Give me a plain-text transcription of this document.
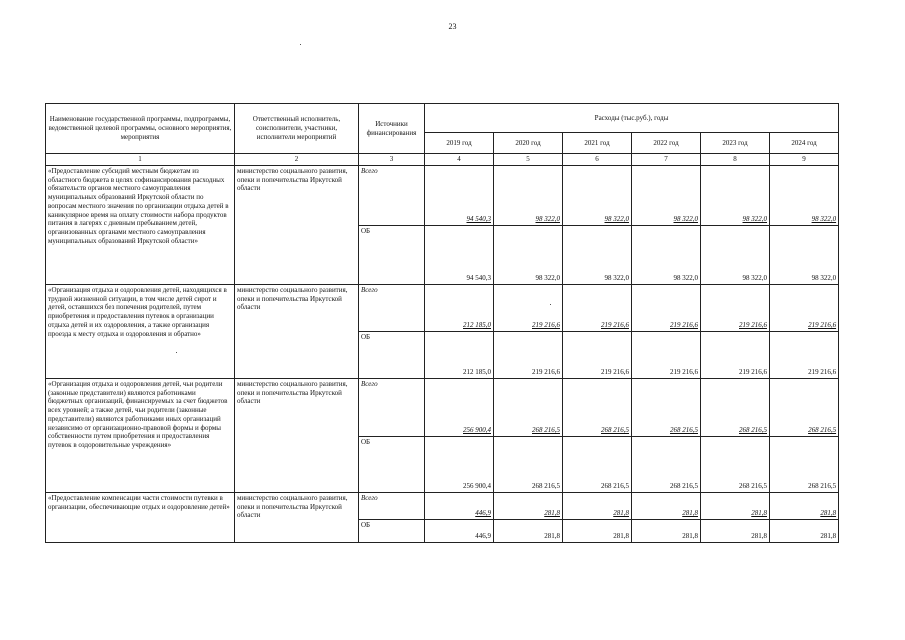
23
Наименование государственной программы, подпрограммы, ведомственной целевой программы, основного мероприятия, мероприятия	Ответственный исполнитель, соисполнители, участники, исполнители мероприятий	Источники финансирования	Расходы (тыс.руб.), годы					
			2019 год	2020 год	2021 год	2022 год	2023 год	2024 год
1	2	3	4	5	6	7	8	9
«Предоставление субсидий местным бюджетам из областного бюджета в целях софинансирования расходных обязательств органов местного самоуправления муниципальных образований Иркутской области по вопросам местного значения по организации отдыха детей в каникулярное время на оплату стоимости набора продуктов питания в лагерях с дневным пребыванием детей, организованных органами местного самоуправления муниципальных образований Иркутской области»	министерство социального развития, опеки и попечительства Иркутской области	Всего	94 540,3	98 322,0	98 322,0	98 322,0	98 322,0	98 322,0
		ОБ	94 540,3	98 322,0	98 322,0	98 322,0	98 322,0	98 322,0
«Организация отдыха и оздоровления детей, находящихся в трудной жизненной ситуации, в том числе детей сирот и детей, оставшихся без попечения родителей, путем приобретения и предоставления путевок в организации отдыха детей и их оздоровления, а также организация проезда к месту отдыха и оздоровления и обратно»	министерство социального развития, опеки и попечительства Иркутской области	Всего	212 185,0	219 216,6	219 216,6	219 216,6	219 216,6	219 216,6
		ОБ	212 185,0	219 216,6	219 216,6	219 216,6	219 216,6	219 216,6
«Организация отдыха и оздоровления детей, чьи родители (законные представители) являются работниками бюджетных организаций, финансируемых за счет бюджетов всех уровней; а также детей, чьи родители (законные представители) являются работниками иных организаций независимо от организационно-правовой формы и формы собственности путем приобретения и предоставления путевок в оздоровительные учреждения»	министерство социального развития, опеки и попечительства Иркутской области	Всего	256 900,4	268 216,5	268 216,5	268 216,5	268 216,5	268 216,5
		ОБ	256 900,4	268 216,5	268 216,5	268 216,5	268 216,5	268 216,5
«Предоставление компенсации части стоимости путевки в организации, обеспечивающие отдых и оздоровление детей»	министерство социального развития, опеки и попечительства Иркутской области	Всего	446,9	281,8	281,8	281,8	281,8	281,8
		ОБ	446,9	281,8	281,8	281,8	281,8	281,8
